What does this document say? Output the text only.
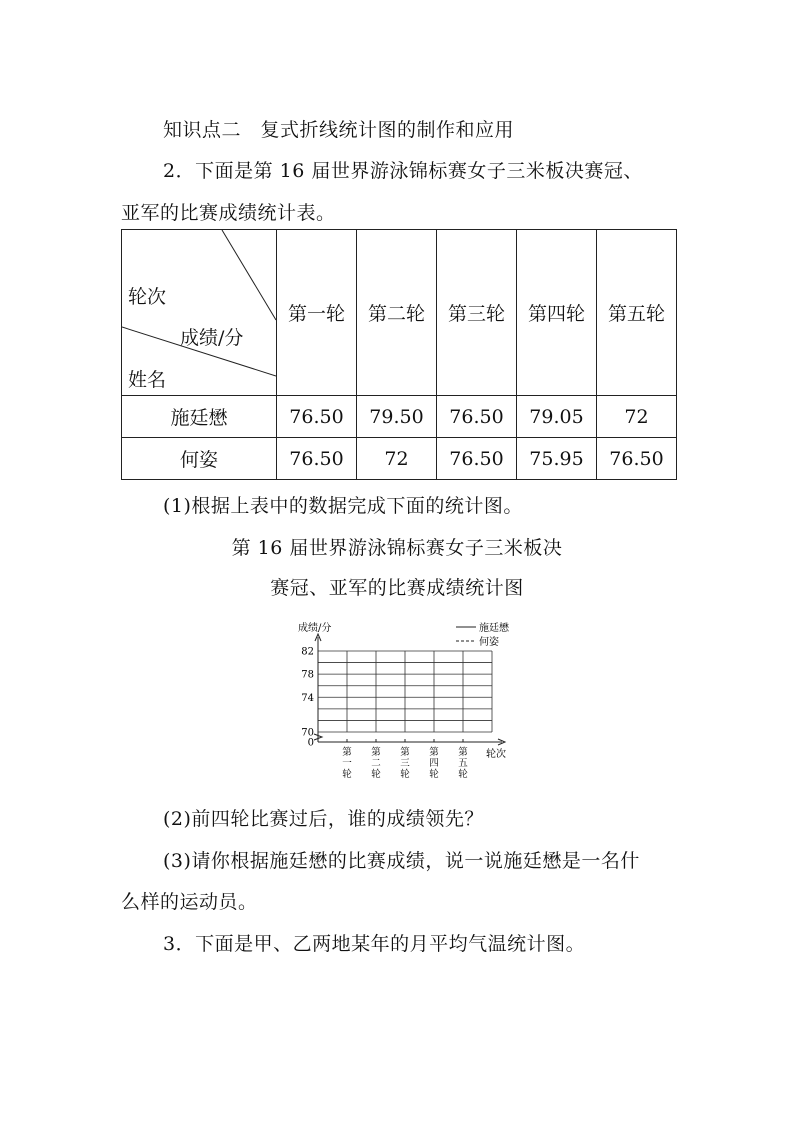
知识点二　复式折线统计图的制作和应用
2．下面是第 16 届世界游泳锦标赛女子三米板决赛冠、
亚军的比赛成绩统计表。
轮次
成绩/分
姓名	第一轮	第二轮	第三轮	第四轮	第五轮
施廷懋	76.50	79.50	76.50	79.05	72
何姿	76.50	72	76.50	75.95	76.50
(1)根据上表中的数据完成下面的统计图。
第 16 届世界游泳锦标赛女子三米板决
赛冠、亚军的比赛成绩统计图
82
78
74
70
0
第一轮
第二轮
第三轮
第四轮
第五轮
成绩/分
轮次
施廷懋
何姿
(2)前四轮比赛过后，谁的成绩领先？
(3)请你根据施廷懋的比赛成绩，说一说施廷懋是一名什
么样的运动员。
3．下面是甲、乙两地某年的月平均气温统计图。
